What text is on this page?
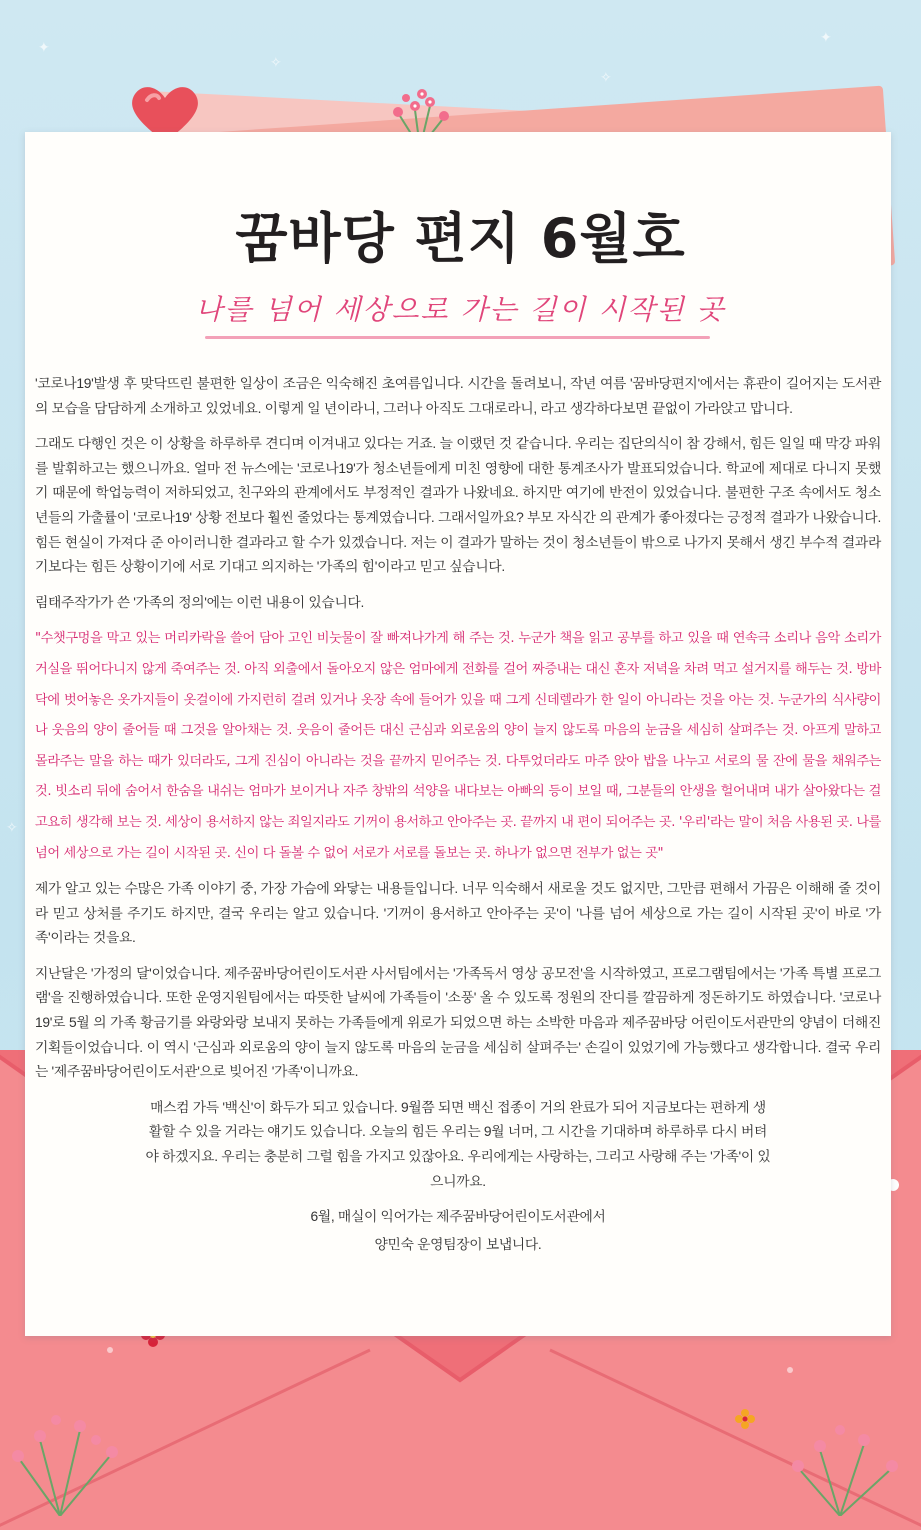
✦
✦
✧
✧
✧
꿈바당 편지 6월호
나를 넘어 세상으로 가는 길이 시작된 곳

'코로나19'발생 후 맞닥뜨린 불편한 일상이 조금은 익숙해진 초여름입니다. 시간을 돌려보니, 작년 여름 '꿈바당편지'에서는 휴관이 길어지는 도서관의 모습을 담담하게 소개하고 있었네요. 이렇게 일 년이라니, 그러나 아직도 그대로라니, 라고 생각하다보면 끝없이 가라앉고 맙니다.

그래도 다행인 것은 이 상황을 하루하루 견디며 이겨내고 있다는 거죠. 늘 이랬던 것 같습니다. 우리는 집단의식이 참 강해서, 힘든 일일 때 막강 파워를 발휘하고는 했으니까요. 얼마 전 뉴스에는 '코로나19'가 청소년들에게 미친 영향에 대한 통계조사가 발표되었습니다. 학교에 제대로 다니지 못했기 때문에 학업능력이 저하되었고, 친구와의 관계에서도 부정적인 결과가 나왔네요. 하지만 여기에 반전이 있었습니다. 불편한 구조 속에서도 청소년들의 가출률이 '코로나19' 상황 전보다 훨씬 줄었다는 통계였습니다. 그래서일까요? 부모 자식간 의 관계가 좋아졌다는 긍정적 결과가 나왔습니다. 힘든 현실이 가져다 준 아이러니한 결과라고 할 수가 있겠습니다. 저는 이 결과가 말하는 것이 청소년들이 밖으로 나가지 못해서 생긴 부수적 결과라기보다는 힘든 상황이기에 서로 기대고 의지하는 '가족의 힘'이라고 믿고 싶습니다.

림태주작가가 쓴 '가족의 정의'에는 이런 내용이 있습니다.

"수챗구멍을 막고 있는 머리카락을 쓸어 담아 고인 비눗물이 잘 빠져나가게 해 주는 것. 누군가 책을 읽고 공부를 하고 있을 때 연속극 소리나 음악 소리가 거실을 뛰어다니지 않게 죽여주는 것. 아직 외출에서 돌아오지 않은 엄마에게 전화를 걸어 짜증내는 대신 혼자 저녁을 차려 먹고 설거지를 해두는 것. 방바닥에 벗어놓은 옷가지들이 옷걸이에 가지런히 걸려 있거나 옷장 속에 들어가 있을 때 그게 신데렐라가 한 일이 아니라는 것을 아는 것. 누군가의 식사량이나 웃음의 양이 줄어들 때 그것을 알아채는 것. 웃음이 줄어든 대신 근심과 외로움의 양이 늘지 않도록 마음의 눈금을 세심히 살펴주는 것. 아프게 말하고 몰라주는 말을 하는 때가 있더라도, 그게 진심이 아니라는 것을 끝까지 믿어주는 것. 다투었더라도 마주 앉아 밥을 나누고 서로의 물 잔에 물을 채워주는 것. 빗소리 뒤에 숨어서 한숨을 내쉬는 엄마가 보이거나 자주 창밖의 석양을 내다보는 아빠의 등이 보일 때, 그분들의 안생을 헐어내며 내가 살아왔다는 걸 고요히 생각해 보는 것. 세상이 용서하지 않는 죄일지라도 기꺼이 용서하고 안아주는 곳. 끝까지 내 편이 되어주는 곳. '우리'라는 말이 처음 사용된 곳. 나를 넘어 세상으로 가는 길이 시작된 곳. 신이 다 돌볼 수 없어 서로가 서로를 돌보는 곳. 하나가 없으면 전부가 없는 곳"

제가 알고 있는 수많은 가족 이야기 중, 가장 가슴에 와닿는 내용들입니다. 너무 익숙해서 새로울 것도 없지만, 그만큼 편해서 가끔은 이해해 줄 것이라 믿고 상처를 주기도 하지만, 결국 우리는 알고 있습니다. '기꺼이 용서하고 안아주는 곳'이 '나를 넘어 세상으로 가는 길이 시작된 곳'이 바로 '가족'이라는 것을요.

지난달은 '가정의 달'이었습니다. 제주꿈바당어린이도서관 사서팀에서는 '가족독서 영상 공모전'을 시작하였고, 프로그램팀에서는 '가족 특별 프로그램'을 진행하였습니다. 또한 운영지원팀에서는 따뜻한 날씨에 가족들이 '소풍' 올 수 있도록 정원의 잔디를 깔끔하게 정돈하기도 하였습니다. '코로나19'로 5월 의 가족 황금기를 와랑와랑 보내지 못하는 가족들에게 위로가 되었으면 하는 소박한 마음과 제주꿈바당 어린이도서관만의 양념이 더해진 기획들이었습니다. 이 역시 '근심과 외로움의 양이 늘지 않도록 마음의 눈금을 세심히 살펴주는' 손길이 있었기에 가능했다고 생각합니다. 결국 우리는 '제주꿈바당어린이도서관'으로 빚어진 '가족'이니까요.

매스컴 가득 '백신'이 화두가 되고 있습니다. 9월쯤 되면 백신 접종이 거의 완료가 되어 지금보다는 편하게 생활할 수 있을 거라는 얘기도 있습니다. 오늘의 힘든 우리는 9월 너머, 그 시간을 기대하며 하루하루 다시 버텨야 하겠지요. 우리는 충분히 그럴 힘을 가지고 있잖아요. 우리에게는 사랑하는, 그리고 사랑해 주는 '가족'이 있으니까요.

6월, 매실이 익어가는 제주꿈바당어린이도서관에서

양민숙 운영팀장이 보냅니다.
